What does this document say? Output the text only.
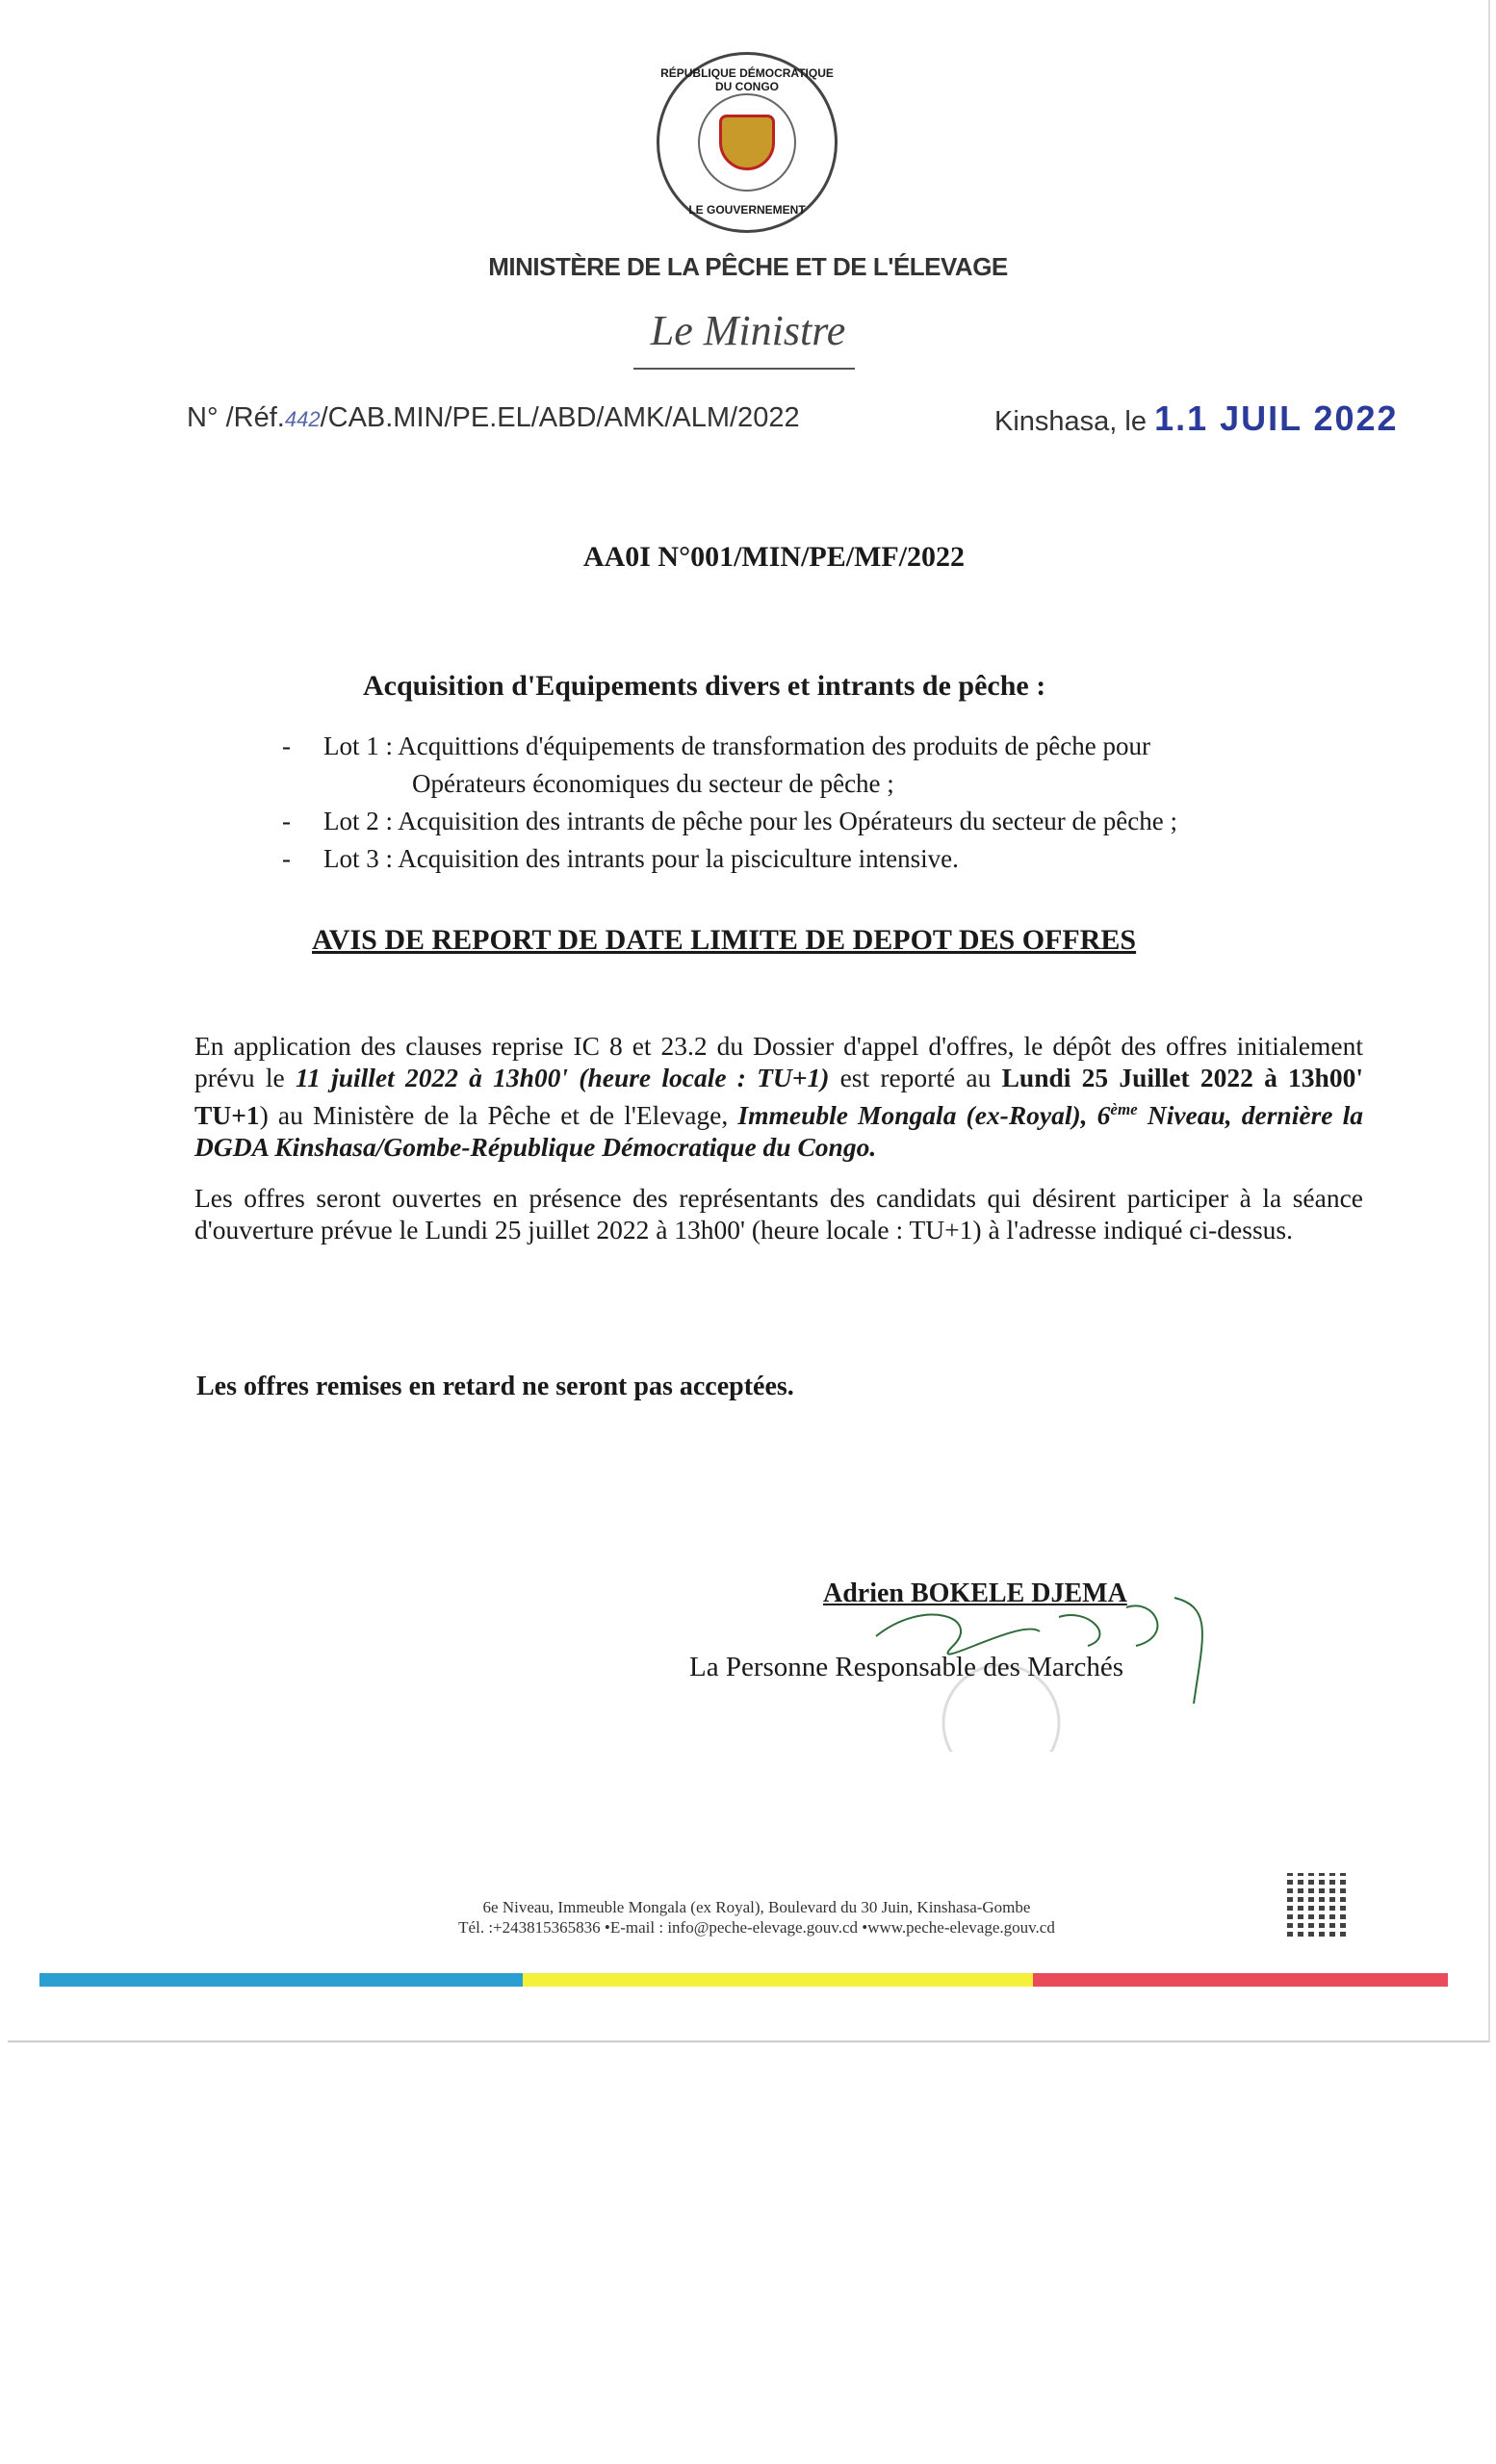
RÉPUBLIQUE DÉMOCRATIQUE DU CONGO
LE GOUVERNEMENT
MINISTÈRE DE LA PÊCHE ET DE L'ÉLEVAGE
Le Ministre
N° /Réf.442/CAB.MIN/PE.EL/ABD/AMK/ALM/2022	Kinshasa, le 1.1 JUIL 2022
AA0I N°001/MIN/PE/MF/2022
Acquisition d'Equipements divers et intrants de pêche :
- Lot 1 : Acquittions d'équipements de transformation des produits de pêche pour
Opérateurs économiques du secteur de pêche ;
- Lot 2 : Acquisition des intrants de pêche pour les Opérateurs du secteur de pêche ;
- Lot 3 : Acquisition des intrants pour la pisciculture intensive.
AVIS DE REPORT DE DATE LIMITE DE DEPOT DES OFFRES
En application des clauses reprise IC 8 et 23.2 du Dossier d'appel d'offres, le dépôt des offres initialement prévu le 11 juillet 2022 à 13h00' (heure locale : TU+1) est reporté au Lundi 25 Juillet 2022 à 13h00' TU+1) au Ministère de la Pêche et de l'Elevage, Immeuble Mongala (ex-Royal), 6ème Niveau, dernière la DGDA Kinshasa/Gombe-République Démocratique du Congo.
Les offres seront ouvertes en présence des représentants des candidats qui désirent participer à la séance d'ouverture prévue le Lundi 25 juillet 2022 à 13h00' (heure locale : TU+1) à l'adresse indiqué ci-dessus.
Les offres remises en retard ne seront pas acceptées.
Adrien BOKELE DJEMA
La Personne Responsable des Marchés
6e Niveau, Immeuble Mongala (ex Royal), Boulevard du 30 Juin, Kinshasa-Gombe
Tél. :+243815365836 •E-mail : info@peche-elevage.gouv.cd •www.peche-elevage.gouv.cd
